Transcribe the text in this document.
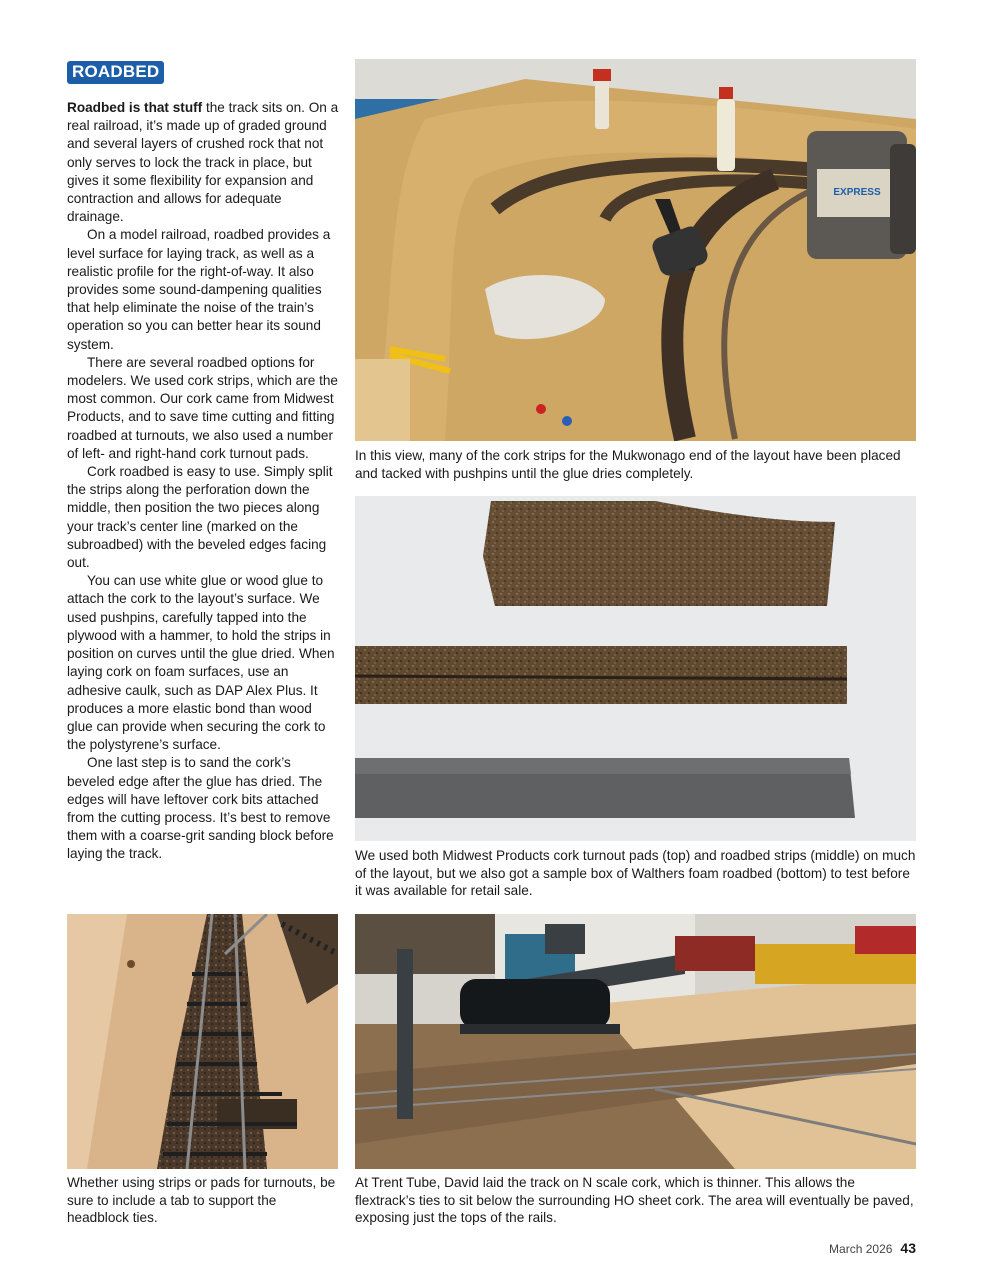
ROADBED

Roadbed is that stuff the track sits on. On a real railroad, it’s made up of graded ground and several layers of crushed rock that not only serves to lock the track in place, but gives it some flexibility for expansion and contraction and allows for adequate drainage.

On a model railroad, roadbed provides a level surface for laying track, as well as a realistic profile for the right-of-way. It also provides some sound-dampening qualities that help eliminate the noise of the train’s operation so you can better hear its sound system.

There are several roadbed options for modelers. We used cork strips, which are the most common. Our cork came from Midwest Products, and to save time cutting and fitting roadbed at turnouts, we also used a number of left- and right-hand cork turnout pads.

Cork roadbed is easy to use. Simply split the strips along the perforation down the middle, then position the two pieces along your track’s center line (marked on the subroadbed) with the beveled edges facing out.

You can use white glue or wood glue to attach the cork to the layout’s surface. We used pushpins, carefully tapped into the plywood with a hammer, to hold the strips in position on curves until the glue dried. When laying cork on foam surfaces, use an adhesive caulk, such as DAP Alex Plus. It produces a more elastic bond than wood glue can provide when securing the cork to the polystyrene’s surface.

One last step is to sand the cork’s beveled edge after the glue has dried. The edges will have leftover cork bits attached from the cutting process. It’s best to remove them with a coarse-grit sanding block before laying the track.

EXPRESS

In this view, many of the cork strips for the Mukwonago end of the layout have been placed and tacked with pushpins until the glue dries completely.

We used both Midwest Products cork turnout pads (top) and roadbed strips (middle) on much of the layout, but we also got a sample box of Walthers foam roadbed (bottom) to test before it was available for retail sale.

Whether using strips or pads for turnouts, be sure to include a tab to support the headblock ties.

At Trent Tube, David laid the track on N scale cork, which is thinner. This allows the flextrack’s ties to sit below the surrounding HO sheet cork. The area will eventually be paved, exposing just the tops of the rails.

March 2026 43
